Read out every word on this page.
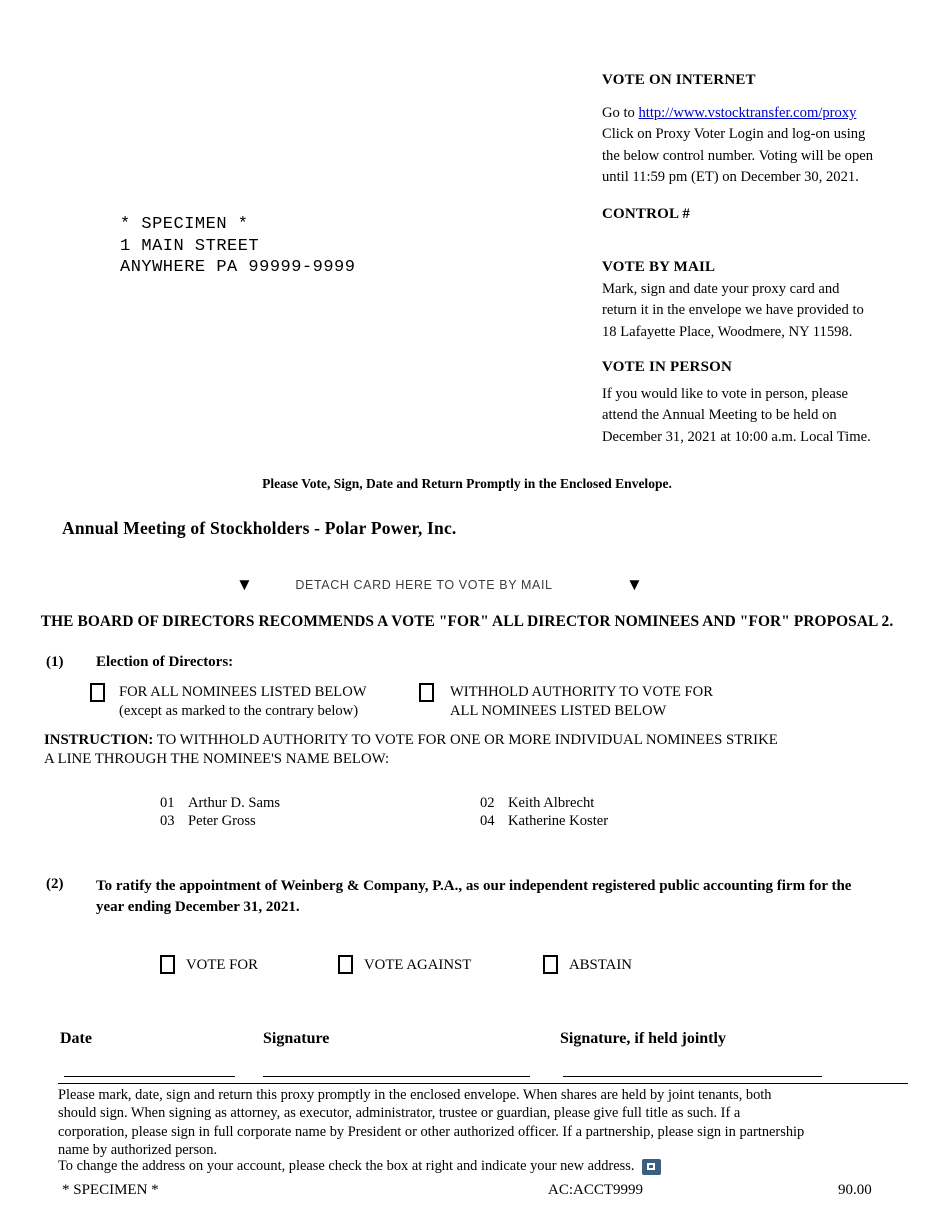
VOTE ON INTERNET
Go to http://www.vstocktransfer.com/proxy
Click on Proxy Voter Login and log-on using
the below control number. Voting will be open
until 11:59 pm (ET) on December 30, 2021.
CONTROL #
VOTE BY MAIL
Mark, sign and date your proxy card and
return it in the envelope we have provided to
18 Lafayette Place, Woodmere, NY 11598.
VOTE IN PERSON
If you would like to vote in person, please
attend the Annual Meeting to be held on
December 31, 2021 at 10:00 a.m. Local Time.
* SPECIMEN *
1 MAIN STREET
ANYWHERE PA 99999-9999
Please Vote, Sign, Date and Return Promptly in the Enclosed Envelope.
Annual Meeting of Stockholders - Polar Power, Inc.
▼	DETACH CARD HERE TO VOTE BY MAIL	▼
THE BOARD OF DIRECTORS RECOMMENDS A VOTE "FOR" ALL DIRECTOR NOMINEES AND "FOR" PROPOSAL 2.
(1) Election of Directors:
FOR ALL NOMINEES LISTED BELOW
(except as marked to the contrary below)
WITHHOLD AUTHORITY TO VOTE FOR
ALL NOMINEES LISTED BELOW
INSTRUCTION: TO WITHHOLD AUTHORITY TO VOTE FOR ONE OR MORE INDIVIDUAL NOMINEES STRIKE
A LINE THROUGH THE NOMINEE'S NAME BELOW:
01 Arthur D. Sams	02 Keith Albrecht
03 Peter Gross	04 Katherine Koster
(2) To ratify the appointment of Weinberg & Company, P.A., as our independent registered public accounting firm for the
year ending December 31, 2021.
VOTE FOR	VOTE AGAINST	ABSTAIN
Date	Signature	Signature, if held jointly
Please mark, date, sign and return this proxy promptly in the enclosed envelope. When shares are held by joint tenants, both
should sign. When signing as attorney, as executor, administrator, trustee or guardian, please give full title as such. If a
corporation, please sign in full corporate name by President or other authorized officer. If a partnership, please sign in partnership
name by authorized person.
To change the address on your account, please check the box at right and indicate your new address.
* SPECIMEN *	AC:ACCT9999	90.00
